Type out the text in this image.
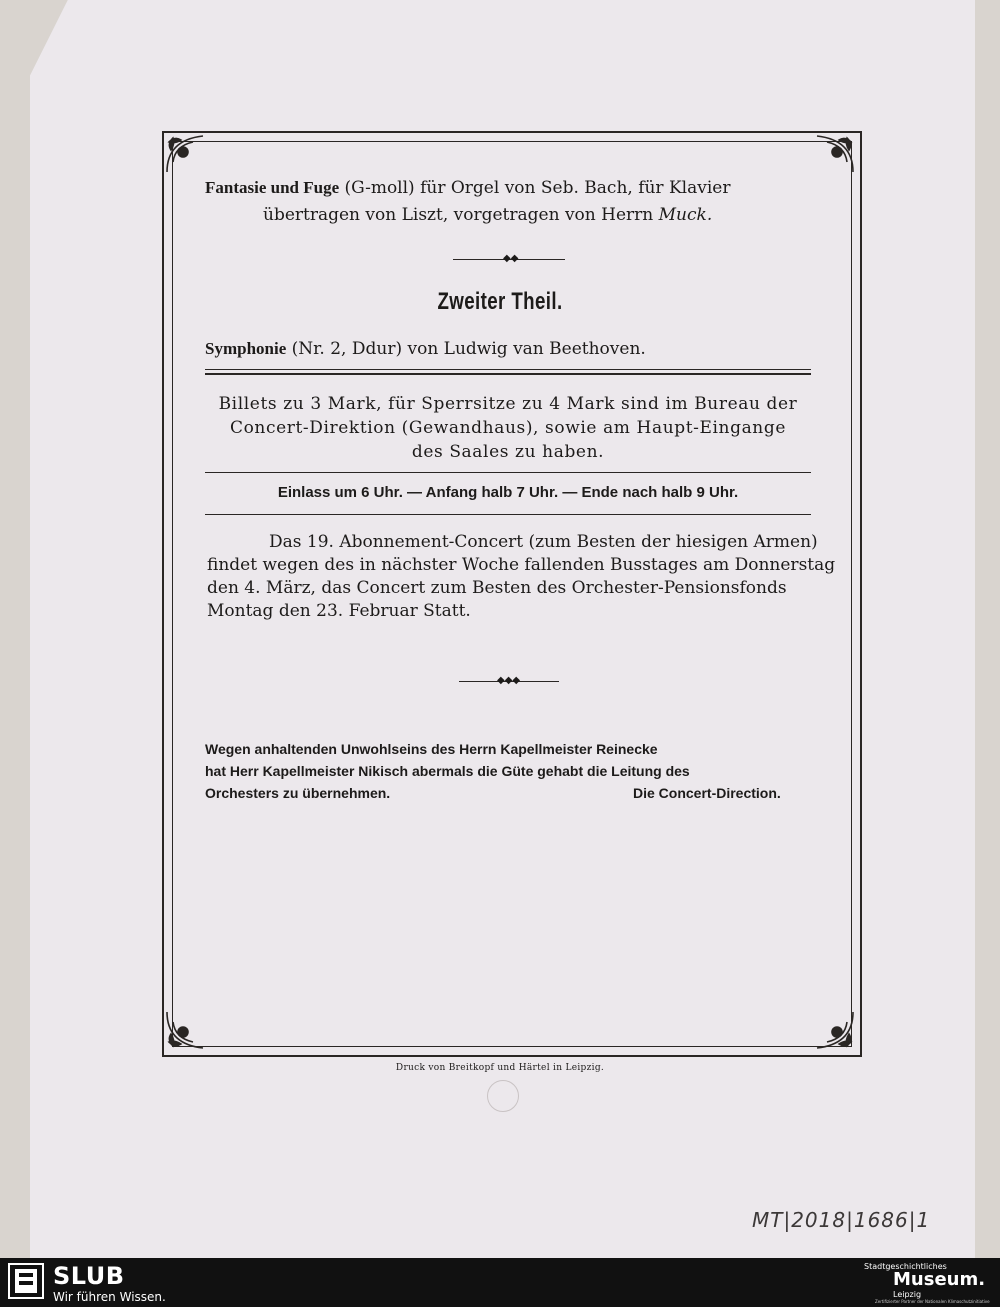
Fantasie und Fuge (G-moll) für Orgel von Seb. Bach, für Klavier
übertragen von Liszt, vorgetragen von Herrn Muck.
◆◆
Zweiter Theil.
Symphonie (Nr. 2, Ddur) von Ludwig van Beethoven.
Billets zu 3 Mark, für Sperrsitze zu 4 Mark sind im Bureau der
Concert-Direktion (Gewandhaus), sowie am Haupt-Eingange
des Saales zu haben.
Einlass um 6 Uhr. — Anfang halb 7 Uhr. — Ende nach halb 9 Uhr.
Das 19. Abonnement-Concert (zum Besten der hiesigen Armen)
findet wegen des in nächster Woche fallenden Busstages am Donnerstag
den 4. März, das Concert zum Besten des Orchester-Pensionsfonds
Montag den 23. Februar Statt.
◆◆◆
Wegen anhaltenden Unwohlseins des Herrn Kapellmeister Reinecke
hat Herr Kapellmeister Nikisch abermals die Güte gehabt die Leitung des
Orchesters zu übernehmen.	Die Concert-Direction.
Druck von Breitkopf und Härtel in Leipzig.
MT|2018|1686|1
SLUB
Wir führen Wissen.
Stadtgeschichtliches
Museum.
Leipzig
Zertifizierter Partner der Nationalen Klimaschutzinitiative
